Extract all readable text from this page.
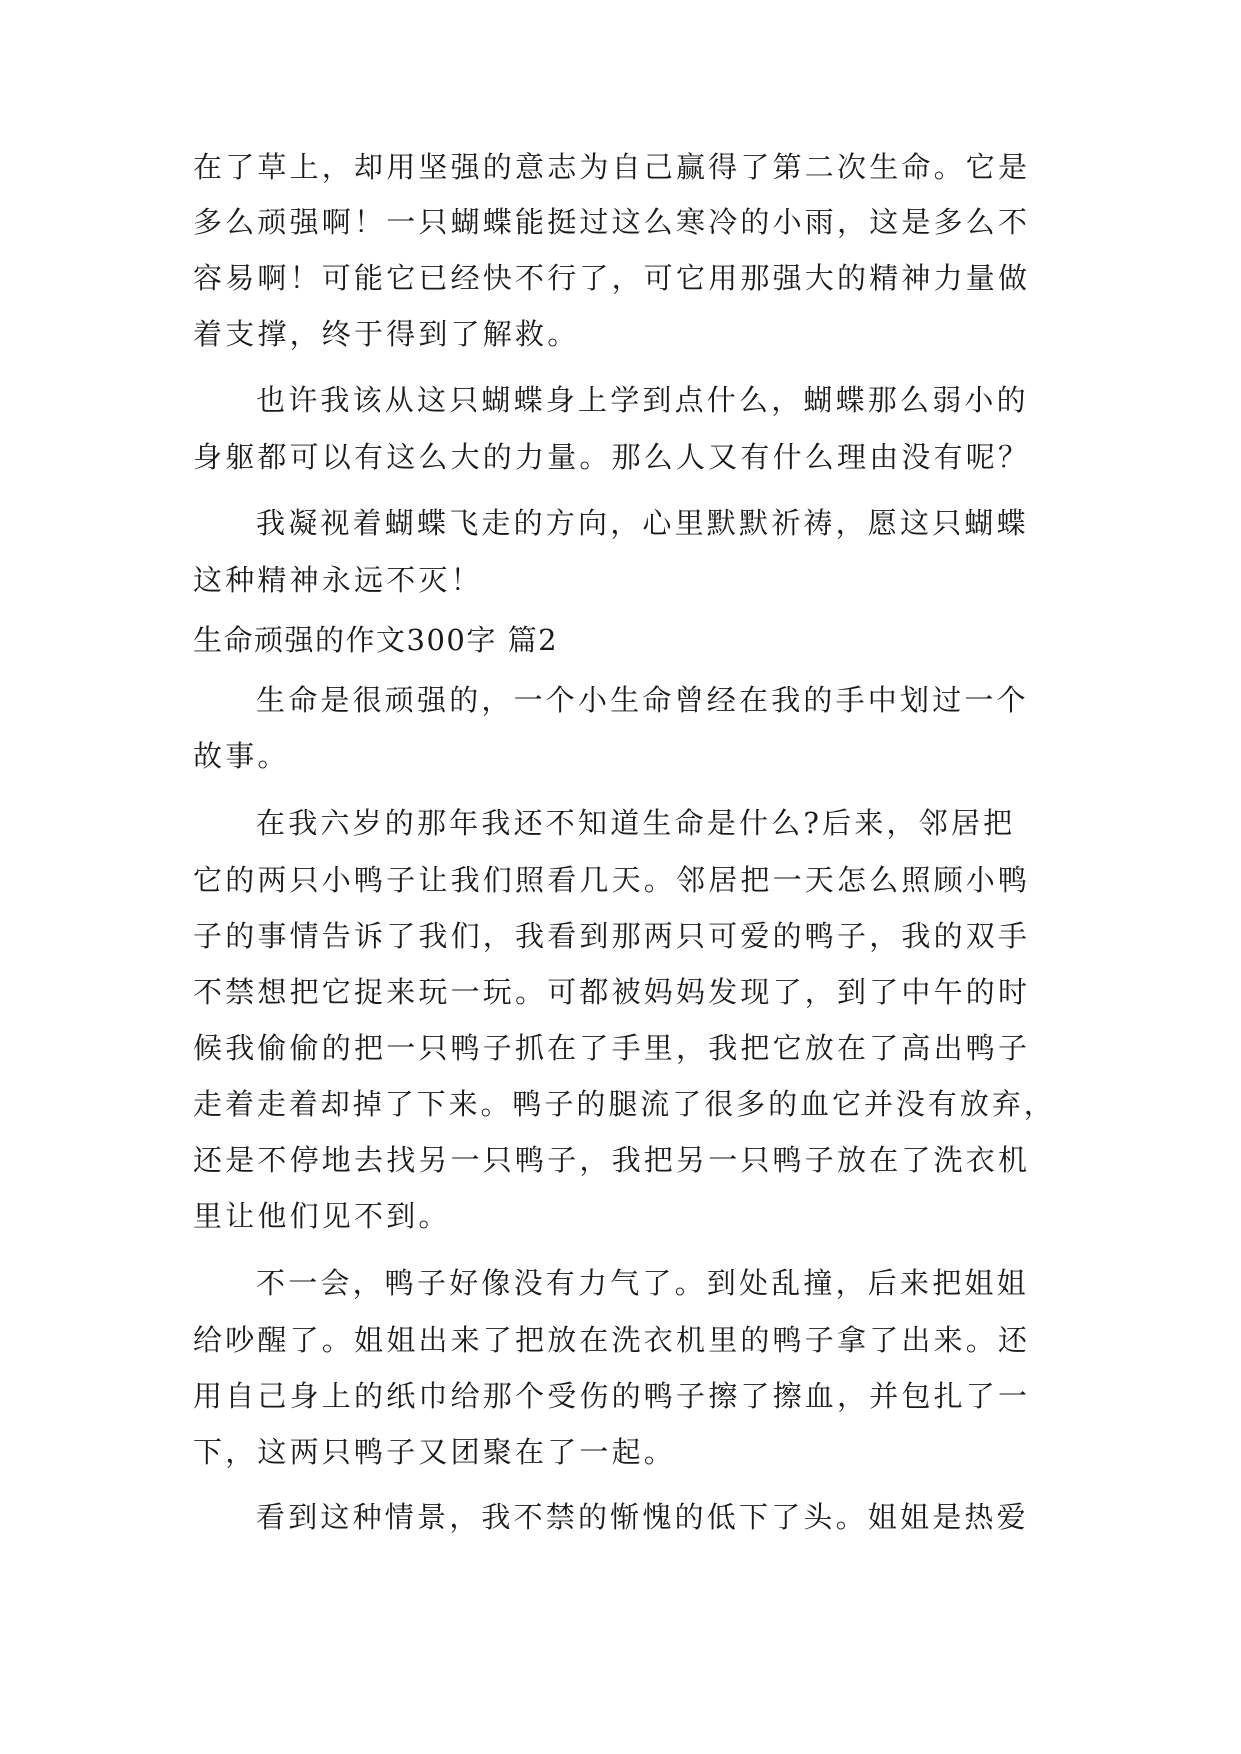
在了草上，却用坚强的意志为自己赢得了第二次生命。它是

多么顽强啊！一只蝴蝶能挺过这么寒冷的小雨，这是多么不

容易啊！可能它已经快不行了，可它用那强大的精神力量做

着支撑，终于得到了解救。

也许我该从这只蝴蝶身上学到点什么，蝴蝶那么弱小的

身躯都可以有这么大的力量。那么人又有什么理由没有呢？

我凝视着蝴蝶飞走的方向，心里默默祈祷，愿这只蝴蝶

这种精神永远不灭！

生命顽强的作文300字 篇2

生命是很顽强的，一个小生命曾经在我的手中划过一个

故事。

在我六岁的那年我还不知道生命是什么?后来，邻居把

它的两只小鸭子让我们照看几天。邻居把一天怎么照顾小鸭

子的事情告诉了我们，我看到那两只可爱的鸭子，我的双手

不禁想把它捉来玩一玩。可都被妈妈发现了，到了中午的时

候我偷偷的把一只鸭子抓在了手里，我把它放在了高出鸭子

走着走着却掉了下来。鸭子的腿流了很多的血它并没有放弃，

还是不停地去找另一只鸭子，我把另一只鸭子放在了洗衣机

里让他们见不到。

不一会，鸭子好像没有力气了。到处乱撞，后来把姐姐

给吵醒了。姐姐出来了把放在洗衣机里的鸭子拿了出来。还

用自己身上的纸巾给那个受伤的鸭子擦了擦血，并包扎了一

下，这两只鸭子又团聚在了一起。

看到这种情景，我不禁的惭愧的低下了头。姐姐是热爱
